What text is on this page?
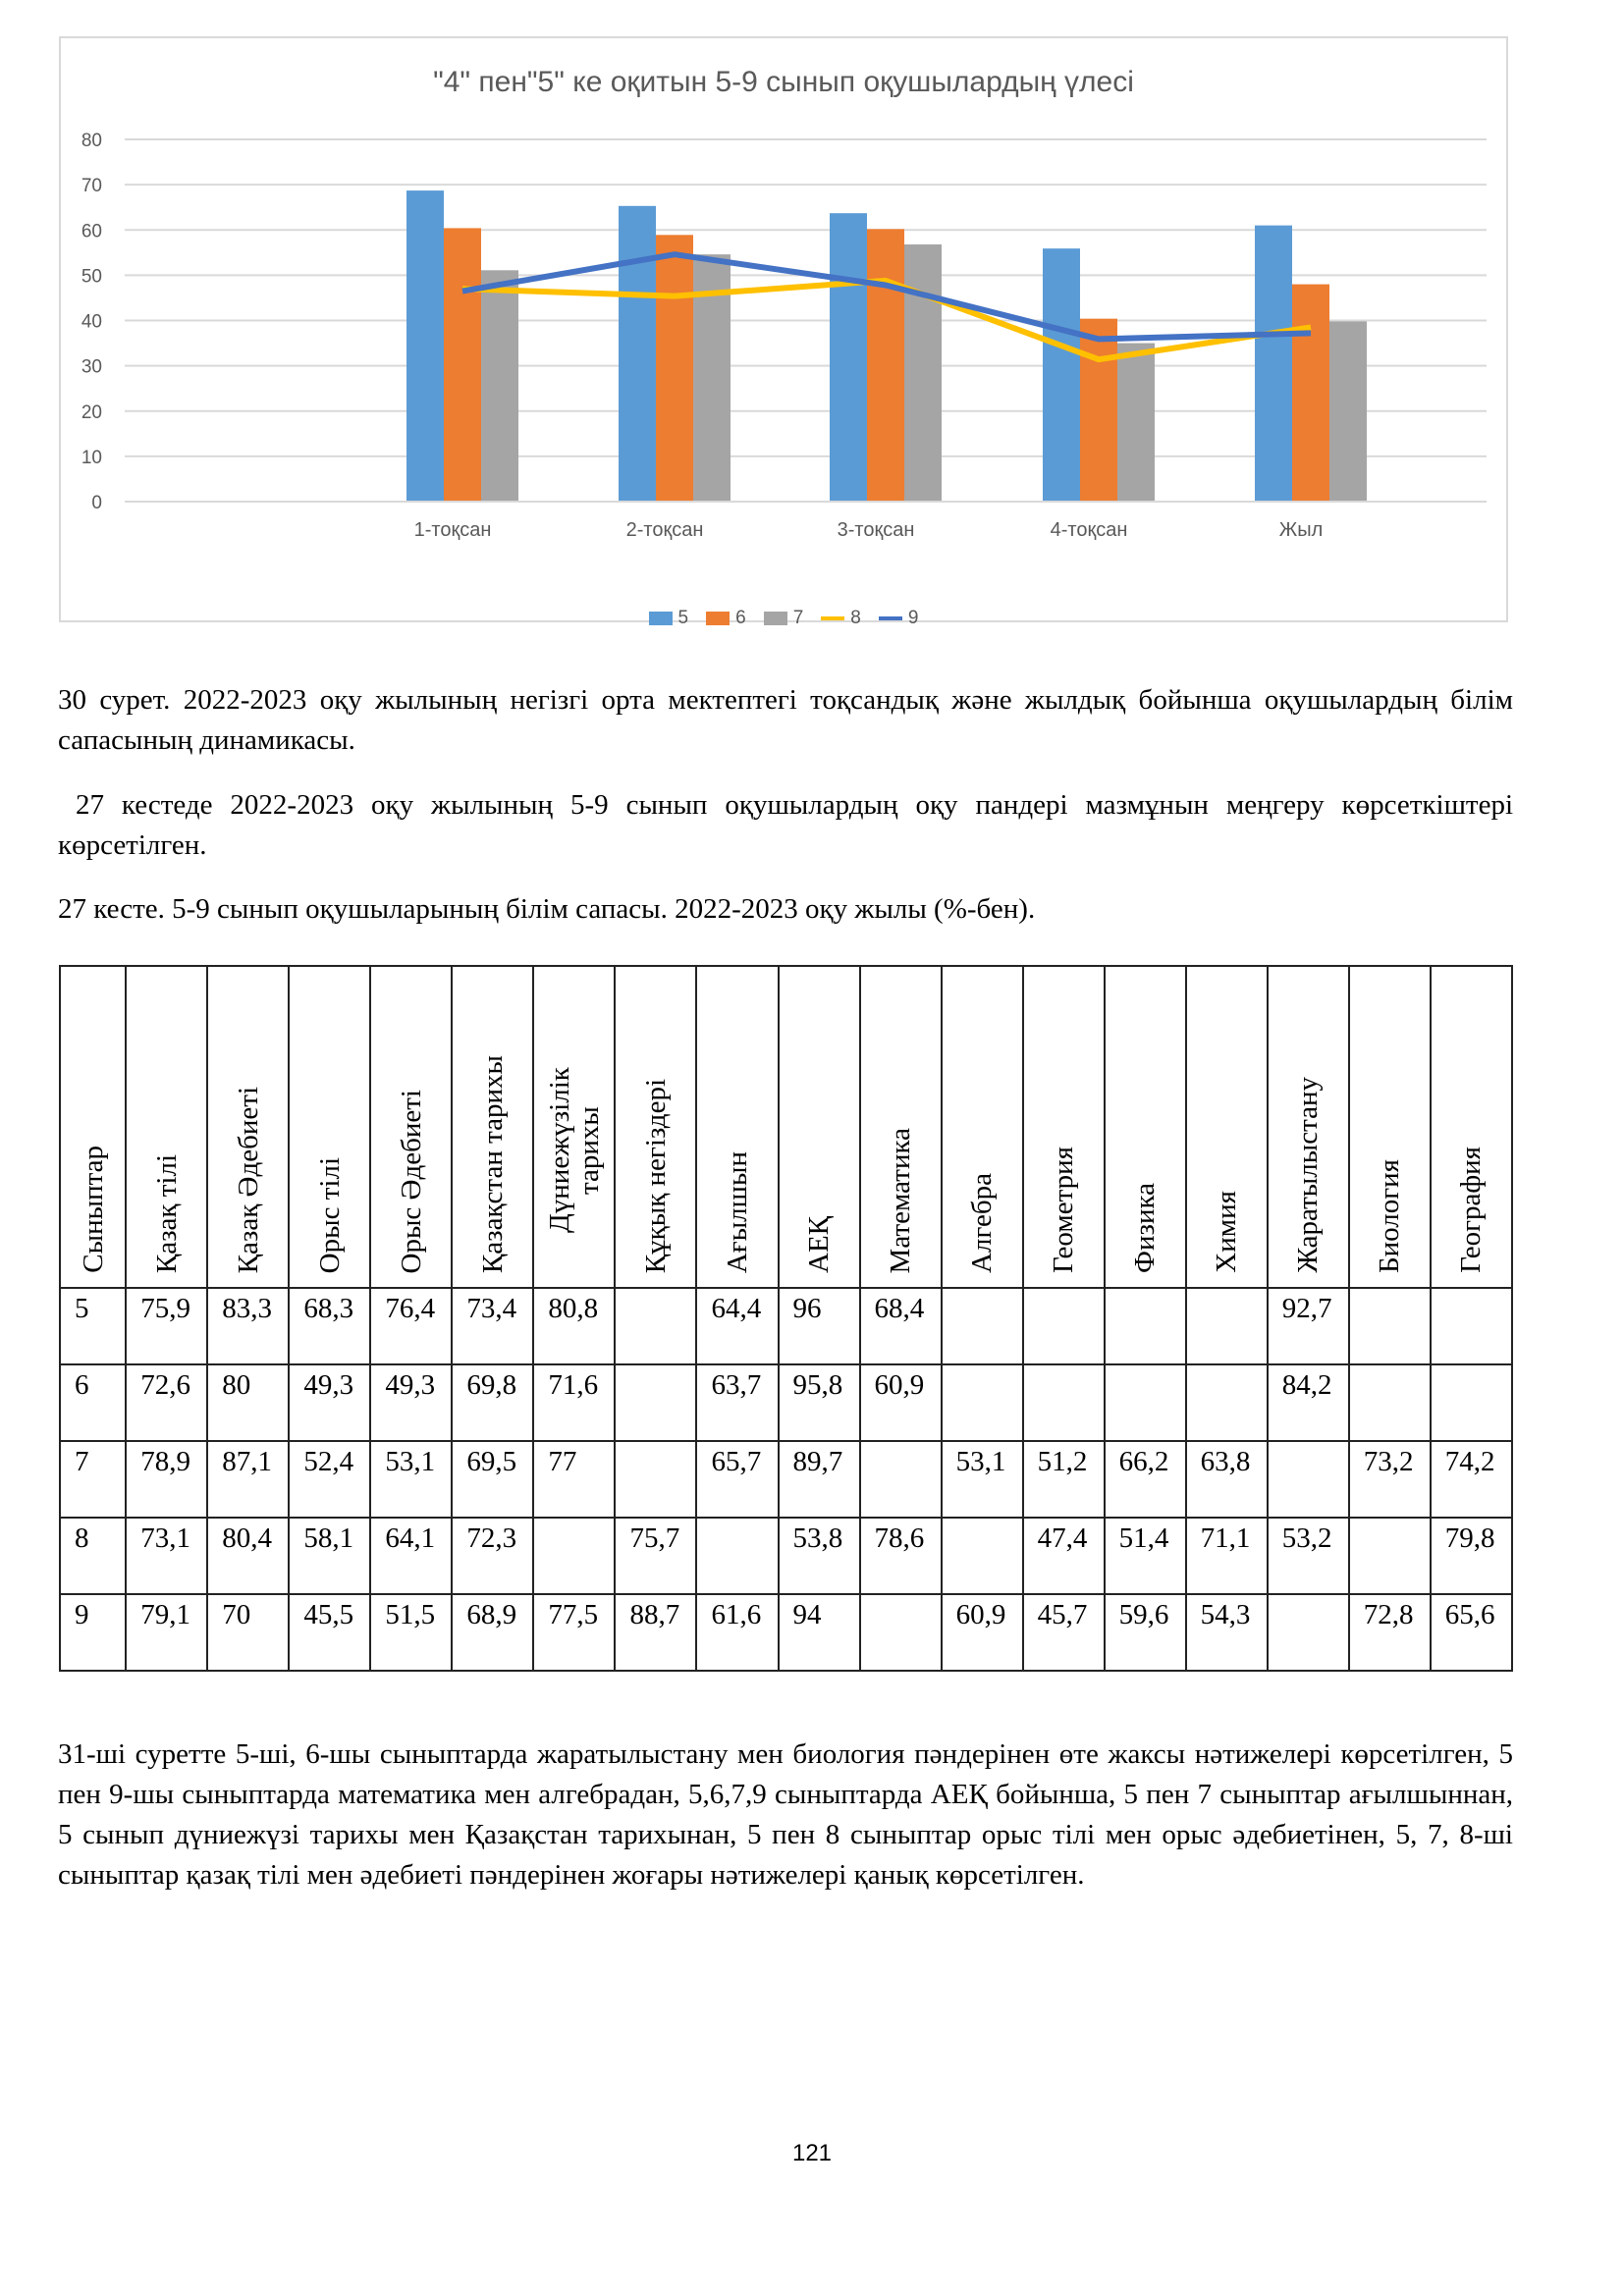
"4" пен"5" ке оқитын 5-9 сынып оқушылардың үлесі
80
70
60
50
40
30
20
10
0
1-тоқсан	2-тоқсан	3-тоқсан	4-тоқсан	Жыл
5	6	7	8	9

30 сурет. 2022-2023 оқу жылының негізгі орта мектептегі тоқсандық және жылдық бойынша оқушылардың білім сапасының динамикасы.

27 кестеде 2022-2023 оқу жылының 5-9 сынып оқушылардың оқу пандері мазмұнын меңгеру көрсеткіштері көрсетілген.

27 кесте. 5-9 сынып оқушыларының білім сапасы. 2022-2023 оқу жылы (%-бен).

Сыныптар	Қазақ тілі	Қазақ Әдебиеті	Орыс тілі	Орыс Әдебиеті	Қазақстан тарихы	Дүниежүзілік тарихы	Құқық негіздері	Ағылшын	АЕҚ	Математика	Алгебра	Геометрия	Физика	Химия	Жаратылыстану	Биология	География

5	75,9	83,3	68,3	76,4	73,4	80,8		64,4	96	68,4					92,7		
6	72,6	80	49,3	49,3	69,8	71,6		63,7	95,8	60,9					84,2		
7	78,9	87,1	52,4	53,1	69,5	77		65,7	89,7		53,1	51,2	66,2	63,8		73,2	74,2
8	73,1	80,4	58,1	64,1	72,3		75,7		53,8	78,6		47,4	51,4	71,1	53,2		79,8
9	79,1	70	45,5	51,5	68,9	77,5	88,7	61,6	94		60,9	45,7	59,6	54,3		72,8	65,6

31-ші суретте 5-ші, 6-шы сыныптарда жаратылыстану мен биология пәндерінен өте жаксы нәтижелері көрсетілген, 5 пен 9-шы сыныптарда математика мен алгебрадан, 5,6,7,9 сыныптарда АЕҚ бойынша, 5 пен 7 сыныптар ағылшыннан, 5 сынып дүниежүзі тарихы мен Қазақстан тарихынан, 5 пен 8 сыныптар орыс тілі мен орыс әдебиетінен, 5, 7, 8-ші сыныптар қазақ тілі мен әдебиеті пәндерінен жоғары нәтижелері қанық көрсетілген.

121
